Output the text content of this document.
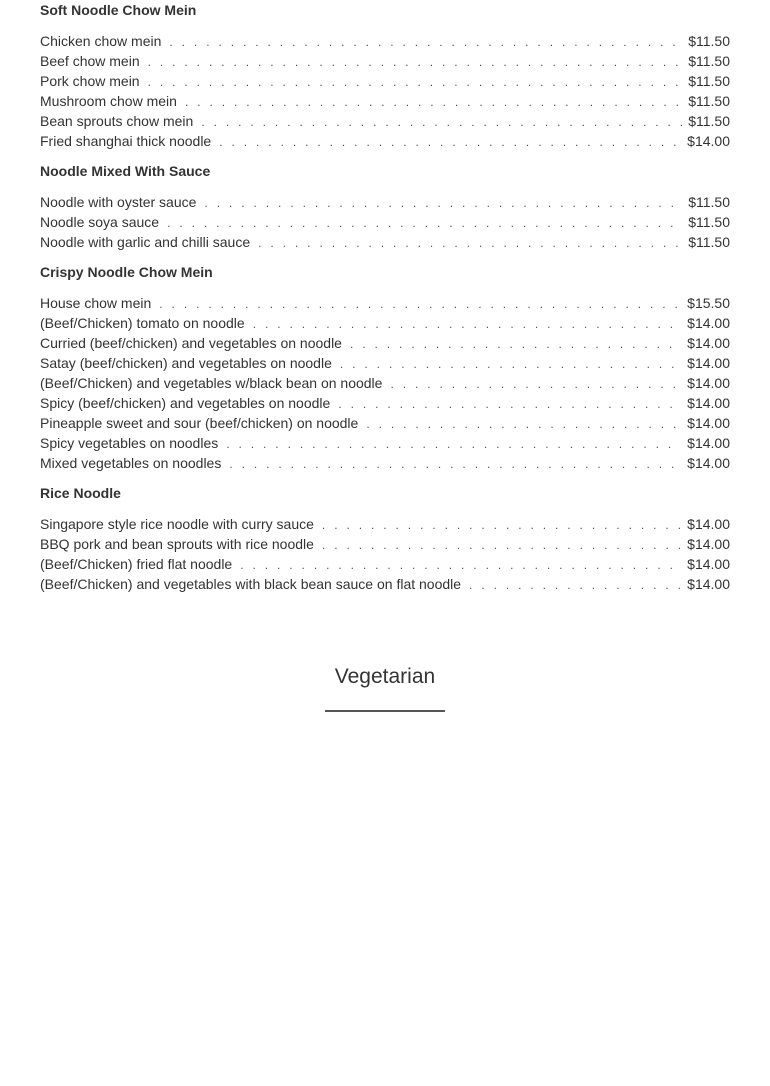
Soft Noodle Chow Mein
Chicken chow mein . . .	$11.50
Beef chow mein . . .	$11.50
Pork chow mein . . .	$11.50
Mushroom chow mein . . .	$11.50
Bean sprouts chow mein . . .	$11.50
Fried shanghai thick noodle . . .	$14.00
Noodle Mixed With Sauce
Noodle with oyster sauce . . .	$11.50
Noodle soya sauce . . .	$11.50
Noodle with garlic and chilli sauce . . .	$11.50
Crispy Noodle Chow Mein
House chow mein . . .	$15.50
(Beef/Chicken) tomato on noodle . . .	$14.00
Curried (beef/chicken) and vegetables on noodle . . .	$14.00
Satay (beef/chicken) and vegetables on noodle . . .	$14.00
(Beef/Chicken) and vegetables w/black bean on noodle . . .	$14.00
Spicy (beef/chicken) and vegetables on noodle . . .	$14.00
Pineapple sweet and sour (beef/chicken) on noodle . . .	$14.00
Spicy vegetables on noodles . . .	$14.00
Mixed vegetables on noodles . . .	$14.00
Rice Noodle
Singapore style rice noodle with curry sauce . . .	$14.00
BBQ pork and bean sprouts with rice noodle . . .	$14.00
(Beef/Chicken) fried flat noodle . . .	$14.00
(Beef/Chicken) and vegetables with black bean sauce on flat noodle . . .	$14.00
Vegetarian
